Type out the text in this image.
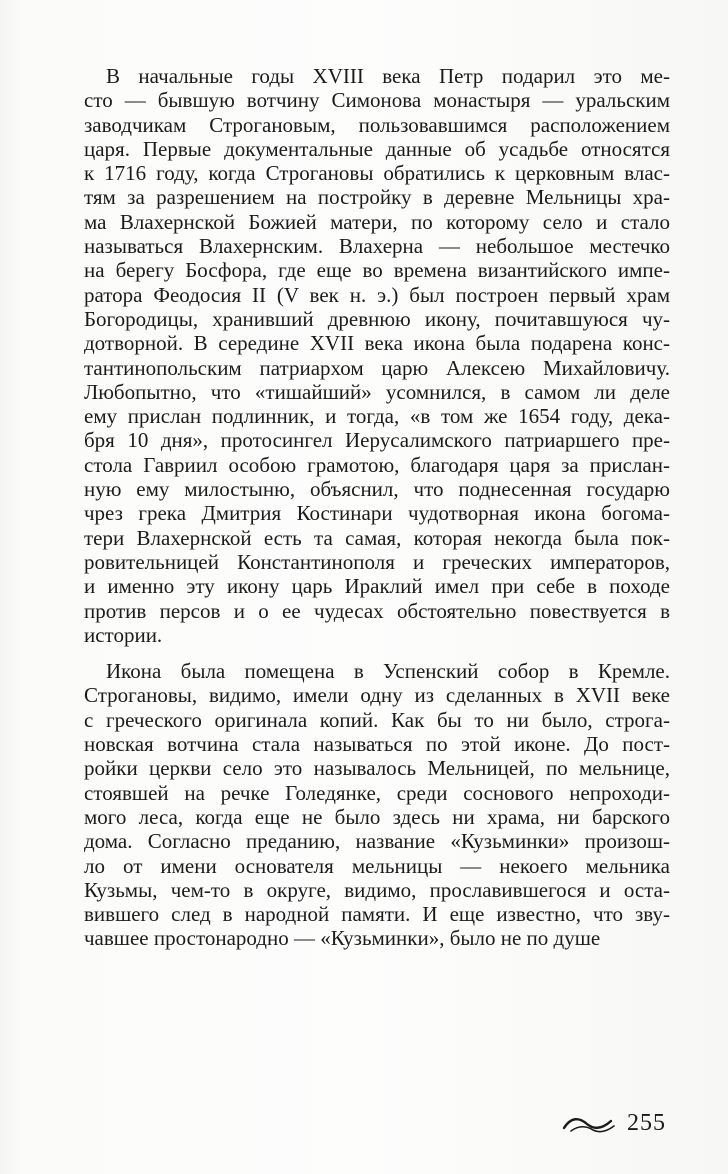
В начальные годы XVIII века Петр подарил это ме-
сто — бывшую вотчину Симонова монастыря — уральским
заводчикам Строгановым, пользовавшимся расположением
царя. Первые документальные данные об усадьбе относятся
к 1716 году, когда Строгановы обратились к церковным влас-
тям за разрешением на постройку в деревне Мельницы хра-
ма Влахернской Божией матери, по которому село и стало
называться Влахернским. Влахерна — небольшое местечко
на берегу Босфора, где еще во времена византийского импе-
ратора Феодосия II (V век н. э.) был построен первый храм
Богородицы, хранивший древнюю икону, почитавшуюся чу-
дотворной. В середине XVII века икона была подарена конс-
тантинопольским патриархом царю Алексею Михайловичу.
Любопытно, что «тишайший» усомнился, в самом ли деле
ему прислан подлинник, и тогда, «в том же 1654 году, дека-
бря 10 дня», протосингел Иерусалимского патриаршего пре-
стола Гавриил особою грамотою, благодаря царя за прислан-
ную ему милостыню, объяснил, что поднесенная государю
чрез грека Дмитрия Костинари чудотворная икона богома-
тери Влахернской есть та самая, которая некогда была пок-
ровительницей Константинополя и греческих императоров,
и именно эту икону царь Ираклий имел при себе в походе
против персов и о ее чудесах обстоятельно повествуется в
истории.
Икона была помещена в Успенский собор в Кремле.
Строгановы, видимо, имели одну из сделанных в XVII веке
с греческого оригинала копий. Как бы то ни было, строга-
новская вотчина стала называться по этой иконе. До пост-
ройки церкви село это называлось Мельницей, по мельнице,
стоявшей на речке Голедянке, среди соснового непроходи-
мого леса, когда еще не было здесь ни храма, ни барского
дома. Согласно преданию, название «Кузьминки» произош-
ло от имени основателя мельницы — некоего мельника
Кузьмы, чем-то в округе, видимо, прославившегося и оста-
вившего след в народной памяти. И еще известно, что зву-
чавшее простонародно — «Кузьминки», было не по душе
255
